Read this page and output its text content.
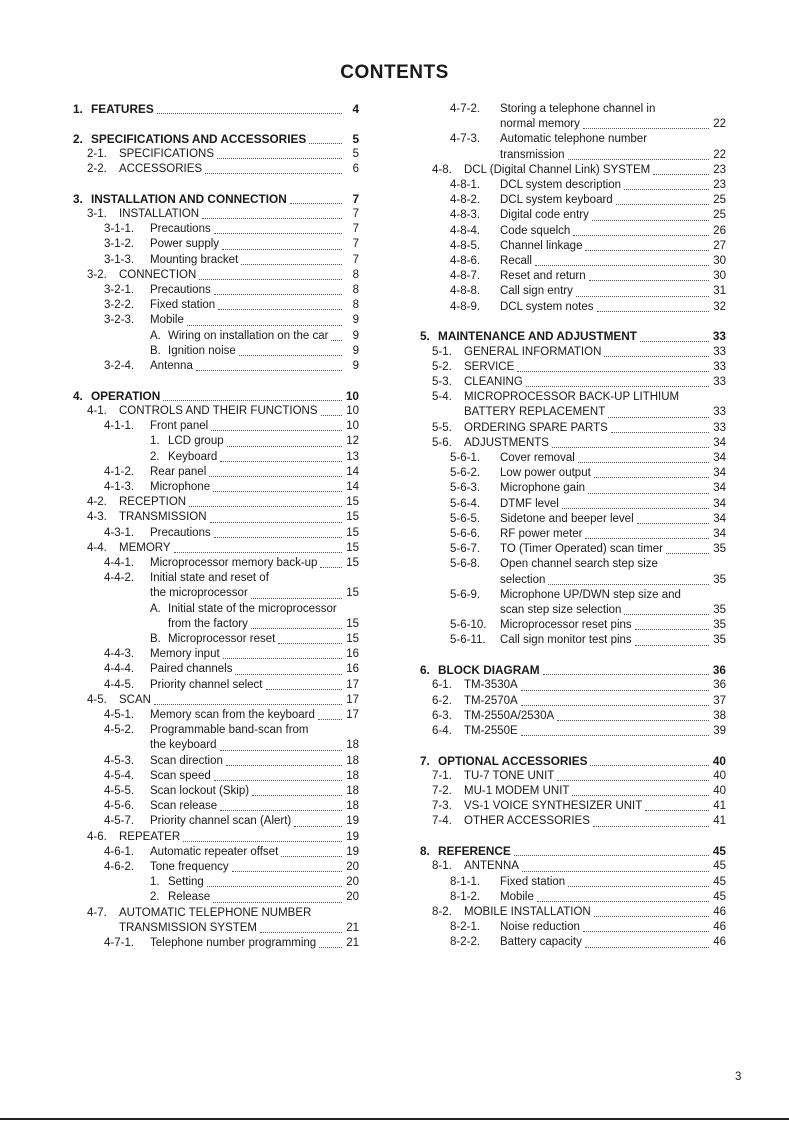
CONTENTS
1. FEATURES	4
2. SPECIFICATIONS AND ACCESSORIES	5
2-1.	SPECIFICATIONS	5
2-2.	ACCESSORIES	6
3. INSTALLATION AND CONNECTION	7
3-1.	INSTALLATION	7
3-1-1.	Precautions	7
3-1-2.	Power supply	7
3-1-3.	Mounting bracket	7
3-2.	CONNECTION	8
3-2-1.	Precautions	8
3-2-2.	Fixed station	8
3-2-3.	Mobile	9
A. Wiring on installation on the car	9
B. Ignition noise	9
3-2-4.	Antenna	9
4. OPERATION	10
4-1.	CONTROLS AND THEIR FUNCTIONS 10
4-1-1.	Front panel	10
1. LCD group	12
2. Keyboard	13
4-1-2.	Rear panel	14
4-1-3.	Microphone	14
4-2.	RECEPTION	15
4-3.	TRANSMISSION	15
4-3-1.	Precautions	15
4-4.	MEMORY	15
4-4-1.	Microprocessor memory back-up	15
4-4-2.	Initial state and reset of
the microprocessor	15
A. Initial state of the microprocessor
from the factory	15
B. Microprocessor reset	15
4-4-3.	Memory input	16
4-4-4.	Paired channels	16
4-4-5.	Priority channel select	17
4-5.	SCAN	17
4-5-1.	Memory scan from the keyboard	17
4-5-2.	Programmable band-scan from
the keyboard	18
4-5-3.	Scan direction	18
4-5-4.	Scan speed	18
4-5-5.	Scan lockout (Skip)	18
4-5-6.	Scan release	18
4-5-7.	Priority channel scan (Alert)	19
4-6.	REPEATER	19
4-6-1.	Automatic repeater offset	19
4-6-2.	Tone frequency	20
1. Setting	20
2. Release	20
4-7.	AUTOMATIC TELEPHONE NUMBER
TRANSMISSION SYSTEM	21
4-7-1.	Telephone number programming	21
4-7-2.	Storing a telephone channel in
normal memory	22
4-7-3.	Automatic telephone number
transmission	22
4-8.	DCL (Digital Channel Link) SYSTEM	23
4-8-1.	DCL system description	23
4-8-2.	DCL system keyboard	25
4-8-3.	Digital code entry	25
4-8-4.	Code squelch	26
4-8-5.	Channel linkage	27
4-8-6.	Recall	30
4-8-7.	Reset and return	30
4-8-8.	Call sign entry	31
4-8-9.	DCL system notes	32
5. MAINTENANCE AND ADJUSTMENT	33
5-1.	GENERAL INFORMATION	33
5-2.	SERVICE	33
5-3.	CLEANING	33
5-4.	MICROPROCESSOR BACK-UP LITHIUM
BATTERY REPLACEMENT	33
5-5.	ORDERING SPARE PARTS	33
5-6.	ADJUSTMENTS	34
5-6-1.	Cover removal	34
5-6-2.	Low power output	34
5-6-3.	Microphone gain	34
5-6-4.	DTMF level	34
5-6-5.	Sidetone and beeper level	34
5-6-6.	RF power meter	34
5-6-7.	TO (Timer Operated) scan timer	35
5-6-8.	Open channel search step size
selection	35
5-6-9.	Microphone UP/DWN step size and
scan step size selection	35
5-6-10.	Microprocessor reset pins	35
5-6-11.	Call sign monitor test pins	35
6. BLOCK DIAGRAM	36
6-1.	TM-3530A	36
6-2.	TM-2570A	37
6-3.	TM-2550A/2530A	38
6-4.	TM-2550E	39
7. OPTIONAL ACCESSORIES	40
7-1.	TU-7 TONE UNIT	40
7-2.	MU-1 MODEM UNIT	40
7-3.	VS-1 VOICE SYNTHESIZER UNIT	41
7-4.	OTHER ACCESSORIES	41
8. REFERENCE	45
8-1.	ANTENNA	45
8-1-1.	Fixed station	45
8-1-2.	Mobile	45
8-2.	MOBILE INSTALLATION	46
8-2-1.	Noise reduction	46
8-2-2.	Battery capacity	46
3
